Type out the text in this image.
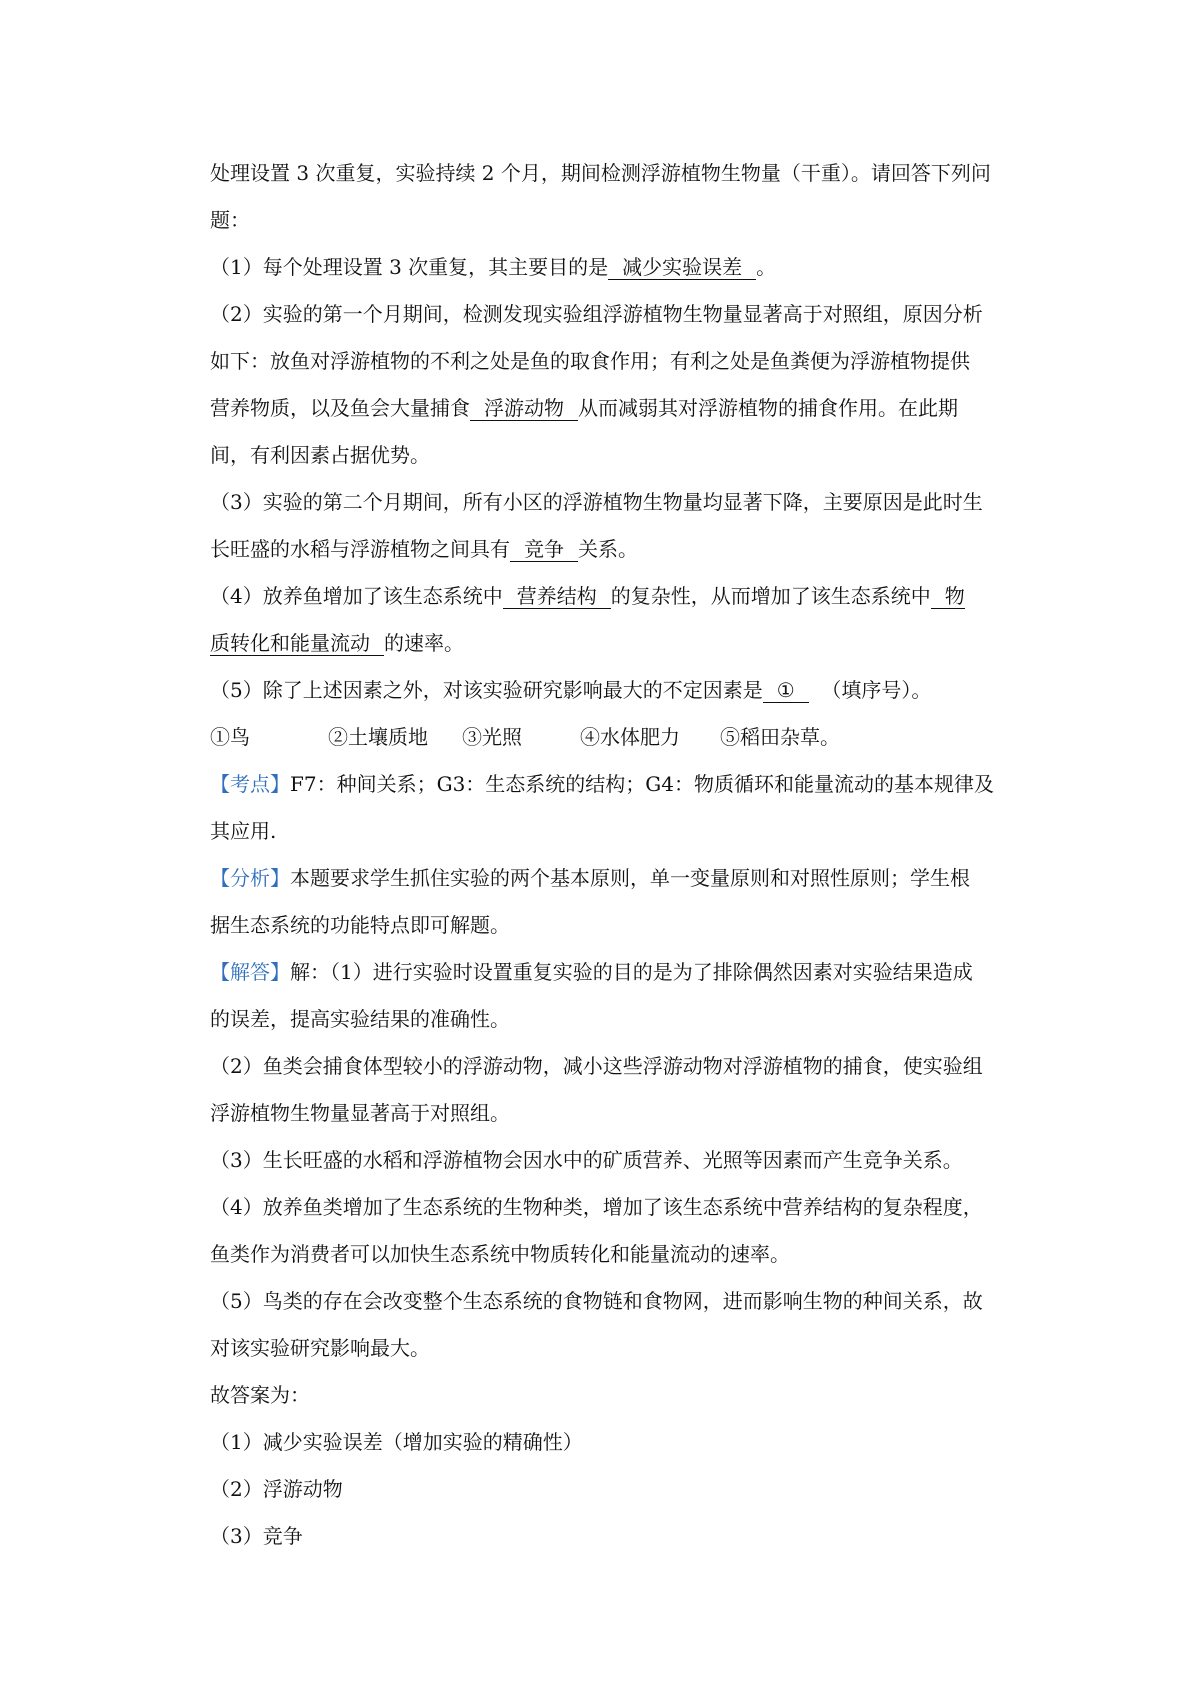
处理设置 3 次重复，实验持续 2 个月，期间检测浮游植物生物量（干重）。请回答下列问
题：
（1）每个处理设置 3 次重复，其主要目的是 减少实验误差 。
（2）实验的第一个月期间，检测发现实验组浮游植物生物量显著高于对照组，原因分析
如下：放鱼对浮游植物的不利之处是鱼的取食作用；有利之处是鱼粪便为浮游植物提供
营养物质，以及鱼会大量捕食 浮游动物 从而减弱其对浮游植物的捕食作用。在此期
间，有利因素占据优势。
（3）实验的第二个月期间，所有小区的浮游植物生物量均显著下降，主要原因是此时生
长旺盛的水稻与浮游植物之间具有 竞争 关系。
（4）放养鱼增加了该生态系统中 营养结构 的复杂性，从而增加了该生态系统中 物
质转化和能量流动 的速率。
（5）除了上述因素之外，对该实验研究影响最大的不定因素是 ① （填序号）。
①鸟	②土壤质地 ③光照	④水体肥力 ⑤稻田杂草。
【考点】F7：种间关系；G3：生态系统的结构；G4：物质循环和能量流动的基本规律及
其应用.
【分析】本题要求学生抓住实验的两个基本原则，单一变量原则和对照性原则；学生根
据生态系统的功能特点即可解题。
【解答】解：（1）进行实验时设置重复实验的目的是为了排除偶然因素对实验结果造成
的误差，提高实验结果的准确性。
（2）鱼类会捕食体型较小的浮游动物，减小这些浮游动物对浮游植物的捕食，使实验组
浮游植物生物量显著高于对照组。
（3）生长旺盛的水稻和浮游植物会因水中的矿质营养、光照等因素而产生竞争关系。
（4）放养鱼类增加了生态系统的生物种类，增加了该生态系统中营养结构的复杂程度，
鱼类作为消费者可以加快生态系统中物质转化和能量流动的速率。
（5）鸟类的存在会改变整个生态系统的食物链和食物网，进而影响生物的种间关系，故
对该实验研究影响最大。
故答案为：
（1）减少实验误差（增加实验的精确性）
（2）浮游动物
（3）竞争
